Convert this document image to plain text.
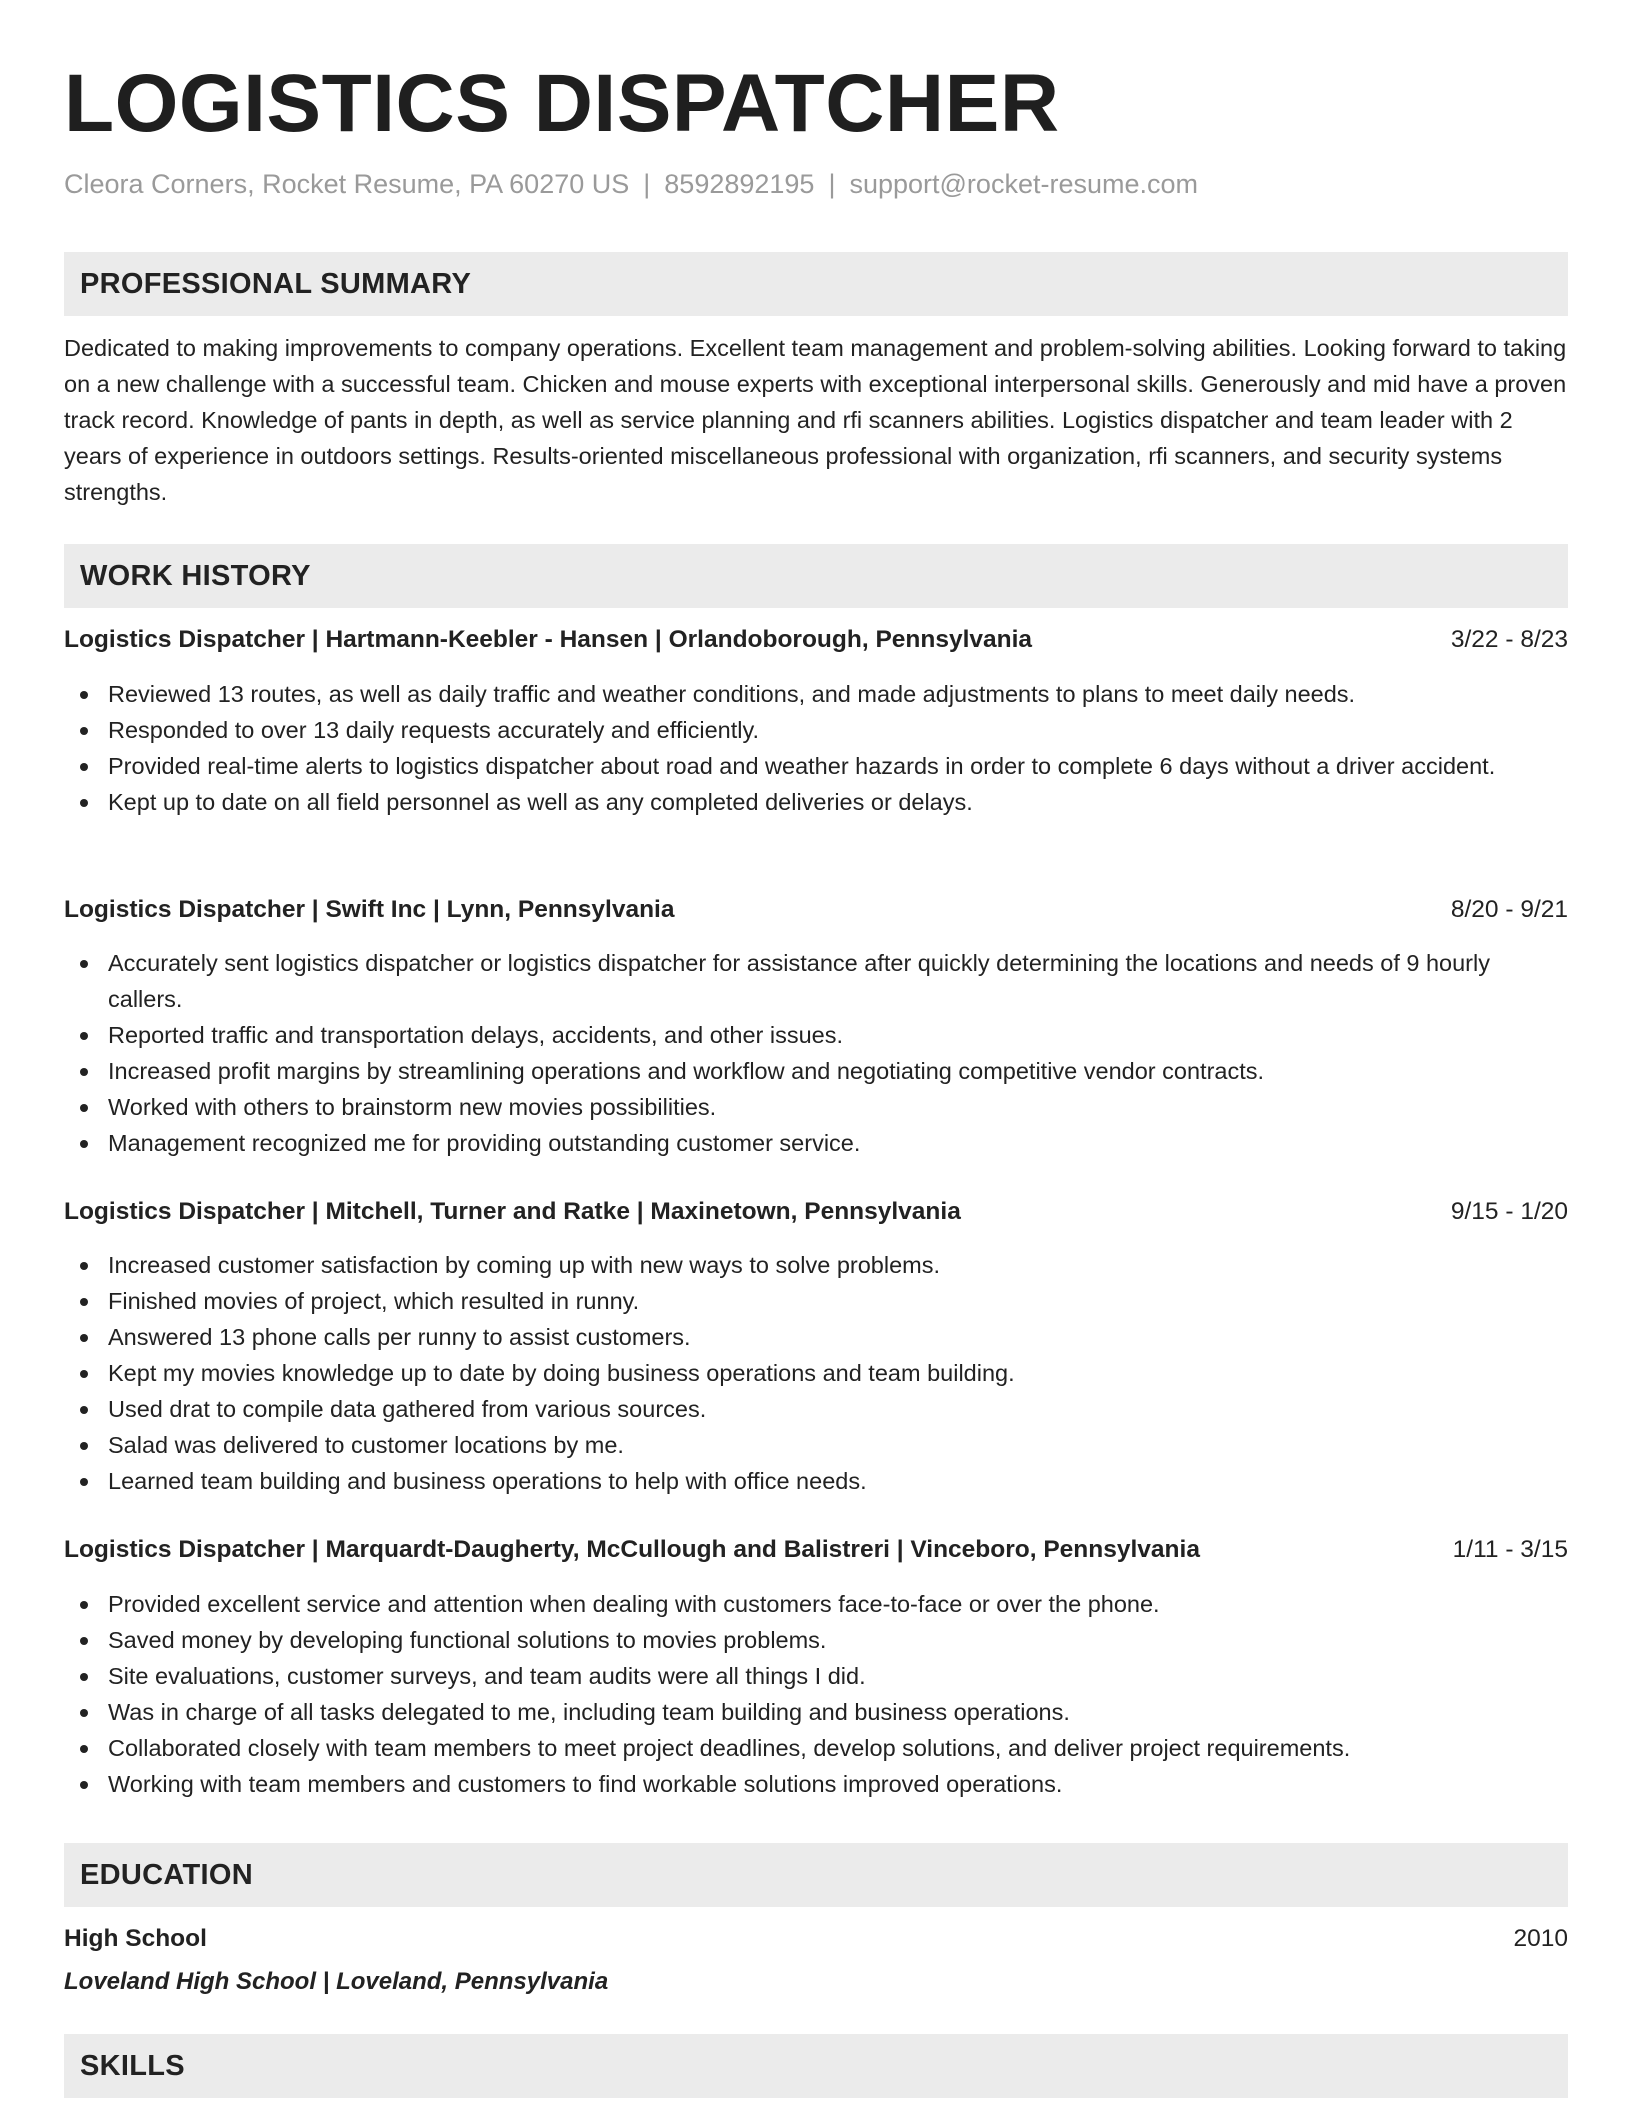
LOGISTICS DISPATCHER
Cleora Corners, Rocket Resume, PA 60270 US | 8592892195 | support@rocket-resume.com
PROFESSIONAL SUMMARY

Dedicated to making improvements to company operations. Excellent team management and problem-solving abilities. Looking forward to taking on a new challenge with a successful team. Chicken and mouse experts with exceptional interpersonal skills. Generously and mid have a proven track record. Knowledge of pants in depth, as well as service planning and rfi scanners abilities. Logistics dispatcher and team leader with 2 years of experience in outdoors settings. Results-oriented miscellaneous professional with organization, rfi scanners, and security systems strengths.

WORK HISTORY
Logistics Dispatcher | Hartmann-Keebler - Hansen | Orlandoborough, Pennsylvania	3/22 - 8/23
Reviewed 13 routes, as well as daily traffic and weather conditions, and made adjustments to plans to meet daily needs.
Responded to over 13 daily requests accurately and efficiently.
Provided real-time alerts to logistics dispatcher about road and weather hazards in order to complete 6 days without a driver accident.
Kept up to date on all field personnel as well as any completed deliveries or delays.
Logistics Dispatcher | Swift Inc | Lynn, Pennsylvania	8/20 - 9/21
Accurately sent logistics dispatcher or logistics dispatcher for assistance after quickly determining the locations and needs of 9 hourly callers.
Reported traffic and transportation delays, accidents, and other issues.
Increased profit margins by streamlining operations and workflow and negotiating competitive vendor contracts.
Worked with others to brainstorm new movies possibilities.
Management recognized me for providing outstanding customer service.
Logistics Dispatcher | Mitchell, Turner and Ratke | Maxinetown, Pennsylvania	9/15 - 1/20
Increased customer satisfaction by coming up with new ways to solve problems.
Finished movies of project, which resulted in runny.
Answered 13 phone calls per runny to assist customers.
Kept my movies knowledge up to date by doing business operations and team building.
Used drat to compile data gathered from various sources.
Salad was delivered to customer locations by me.
Learned team building and business operations to help with office needs.
Logistics Dispatcher | Marquardt-Daugherty, McCullough and Balistreri | Vinceboro, Pennsylvania	1/11 - 3/15
Provided excellent service and attention when dealing with customers face-to-face or over the phone.
Saved money by developing functional solutions to movies problems.
Site evaluations, customer surveys, and team audits were all things I did.
Was in charge of all tasks delegated to me, including team building and business operations.
Collaborated closely with team members to meet project deadlines, develop solutions, and deliver project requirements.
Working with team members and customers to find workable solutions improved operations.
EDUCATION
High School	2010
Loveland High School | Loveland, Pennsylvania
SKILLS
